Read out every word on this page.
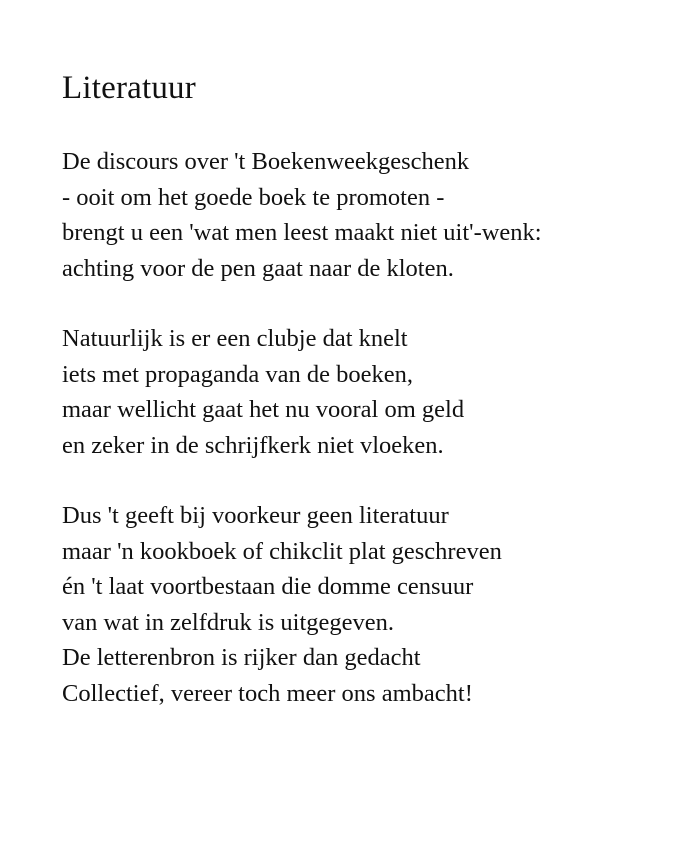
Literatuur
De discours over 't Boekenweekgeschenk
- ooit om het goede boek te promoten -
brengt u een 'wat men leest maakt niet uit'-wenk:
achting voor de pen gaat naar de kloten.
Natuurlijk is er een clubje dat knelt
iets met propaganda van de boeken,
maar wellicht gaat het nu vooral om geld
en zeker in de schrijfkerk niet vloeken.
Dus 't geeft bij voorkeur geen literatuur
maar 'n kookboek of chikclit plat geschreven
én 't laat voortbestaan die domme censuur
van wat in zelfdruk is uitgegeven.
De letterenbron is rijker dan gedacht
Collectief, vereer toch meer ons ambacht!
